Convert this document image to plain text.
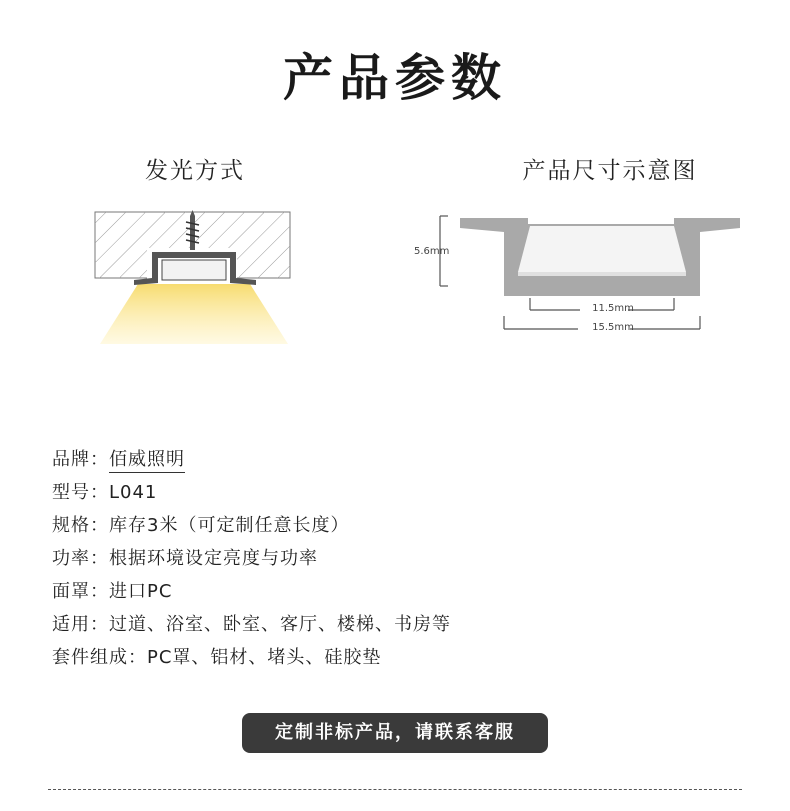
产品参数
发光方式	产品尺寸示意图
5.6mm
11.5mm
15.5mm
品牌：佰威照明
型号：L041
规格：库存3米（可定制任意长度）
功率：根据环境设定亮度与功率
面罩：进口PC
适用：过道、浴室、卧室、客厅、楼梯、书房等
套件组成：PC罩、铝材、堵头、硅胶垫
定制非标产品，请联系客服
